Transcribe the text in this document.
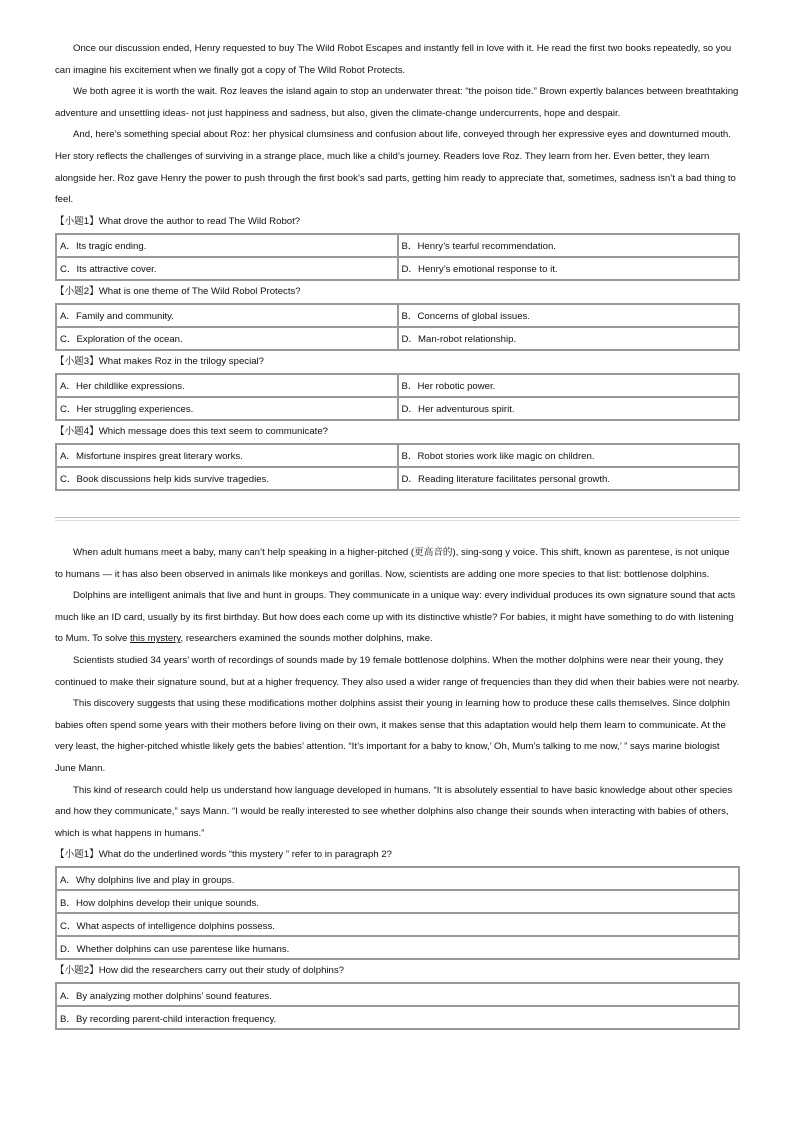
Once our discussion ended, Henry requested to buy The Wild Robot Escapes and instantly fell in love with it. He read the first two books repeatedly, so you can imagine his excitement when we finally got a copy of The Wild Robot Protects.

We both agree it is worth the wait. Roz leaves the island again to stop an underwater threat: “the poison tide.” Brown expertly balances between breathtaking adventure and unsettling ideas- not just happiness and sadness, but also, given the climate-change undercurrents, hope and despair.

And, here’s something special about Roz: her physical clumsiness and confusion about life, conveyed through her expressive eyes and downturned mouth. Her story reflects the challenges of surviving in a strange place, much like a child’s journey. Readers love Roz. They learn from her. Even better, they learn alongside her. Roz gave Henry the power to push through the first book’s sad parts, getting him ready to appreciate that, sometimes, sadness isn’t a bad thing to feel.

【小题1】What drove the author to read The Wild Robot?
A．Its tragic ending.	B．Henry’s tearful recommendation.
C．Its attractive cover.	D．Henry’s emotional response to it.
【小题2】What is one theme of The Wild Robol Protects?
A．Family and community.	B．Concerns of global issues.
C．Exploration of the ocean.	D．Man-robot relationship.
【小题3】What makes Roz in the trilogy special?
A．Her childlike expressions.	B．Her robotic power.
C．Her struggling experiences.	D．Her adventurous spirit.
【小题4】Which message does this text seem to communicate?
A．Misfortune inspires great literary works.	B．Robot stories work like magic on children.
C．Book discussions help kids survive tragedies.	D．Reading literature facilitates personal growth.

When adult humans meet a baby, many can’t help speaking in a higher-pitched (更高音的), sing-song y voice. This shift, known as parentese, is not unique to humans — it has also been observed in animals like monkeys and gorillas. Now, scientists are adding one more species to that list: bottlenose dolphins.

Dolphins are intelligent animals that live and hunt in groups. They communicate in a unique way: every individual produces its own signature sound that acts much like an ID card, usually by its first birthday. But how does each come up with its distinctive whistle? For babies, it might have something to do with listening to Mum. To solve this mystery, researchers examined the sounds mother dolphins, make.

Scientists studied 34 years’ worth of recordings of sounds made by 19 female bottlenose dolphins. When the mother dolphins were near their young, they continued to make their signature sound, but at a higher frequency. They also used a wider range of frequencies than they did when their babies were not nearby.

This discovery suggests that using these modifications mother dolphins assist their young in learning how to produce these calls themselves. Since dolphin babies often spend some years with their mothers before living on their own, it makes sense that this adaptation would help them learn to communicate. At the very least, the higher-pitched whistle likely gets the babies’ attention. “It’s important for a baby to know,’ Oh, Mum’s talking to me now,’ ” says marine biologist June Mann.

This kind of research could help us understand how language developed in humans. “It is absolutely essential to have basic knowledge about other species and how they communicate,” says Mann. “I would be really interested to see whether dolphins also change their sounds when interacting with babies of others, which is what happens in humans.”

【小题1】What do the underlined words “this mystery ” refer to in paragraph 2?
A．Why dolphins live and play in groups.
B．How dolphins develop their unique sounds.
C．What aspects of intelligence dolphins possess.
D．Whether dolphins can use parentese like humans.
【小题2】How did the researchers carry out their study of dolphins?
A．By analyzing mother dolphins’ sound features.
B．By recording parent-child interaction frequency.
